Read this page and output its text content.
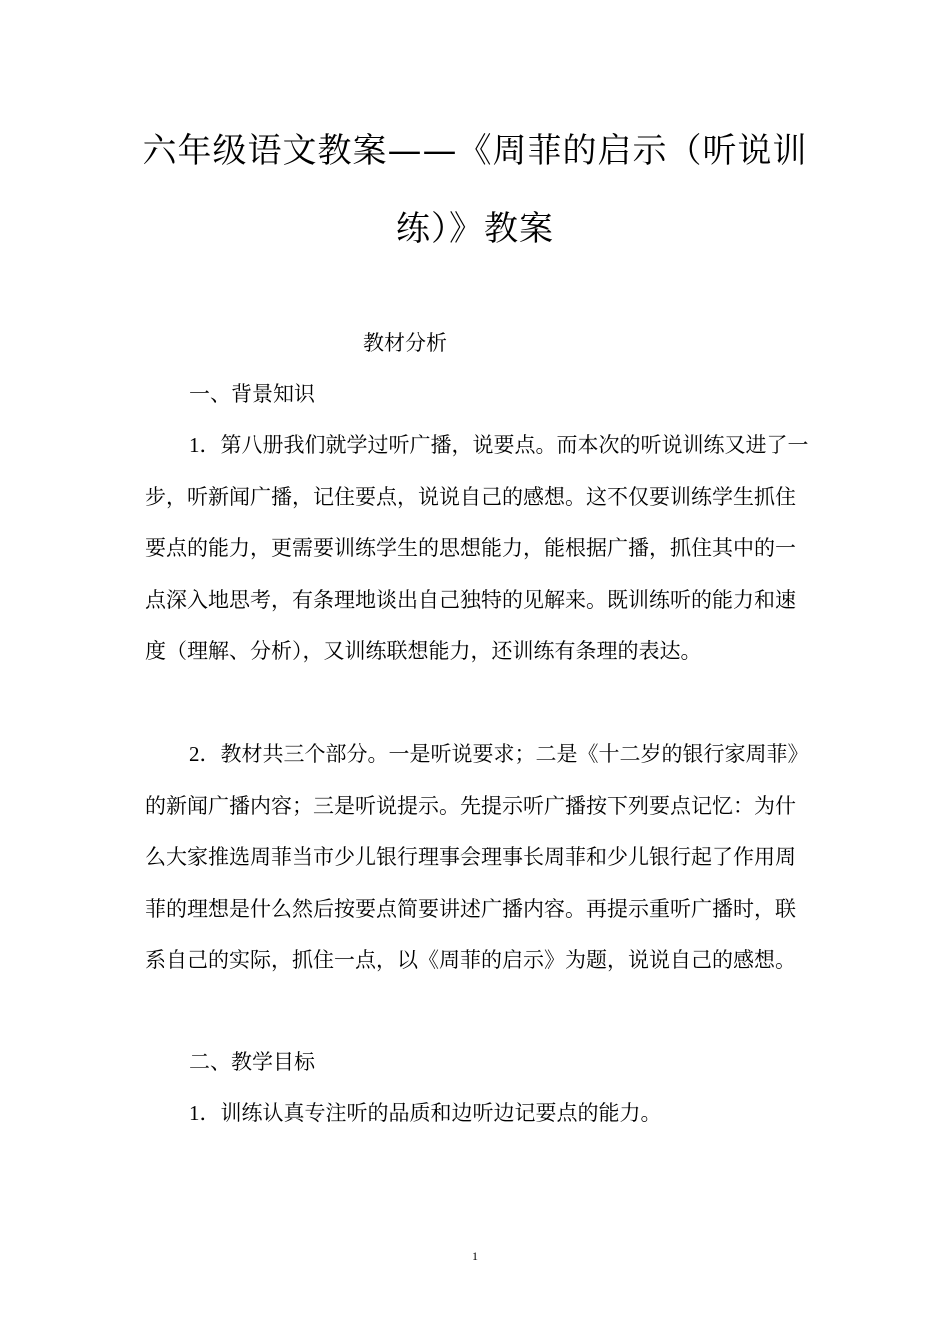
六年级语文教案——《周菲的启示（听说训练）》教案
教材分析

一、背景知识

1．第八册我们就学过听广播，说要点。而本次的听说训练又进了一步，听新闻广播，记住要点，说说自己的感想。这不仅要训练学生抓住要点的能力，更需要训练学生的思想能力，能根据广播，抓住其中的一点深入地思考，有条理地谈出自己独特的见解来。既训练听的能力和速度（理解、分析），又训练联想能力，还训练有条理的表达。

2．教材共三个部分。一是听说要求；二是《十二岁的银行家周菲》的新闻广播内容；三是听说提示。先提示听广播按下列要点记忆：为什么大家推选周菲当市少儿银行理事会理事长周菲和少儿银行起了作用周菲的理想是什么然后按要点简要讲述广播内容。再提示重听广播时，联系自己的实际，抓住一点，以《周菲的启示》为题，说说自己的感想。

二、教学目标

1．训练认真专注听的品质和边听边记要点的能力。

1
